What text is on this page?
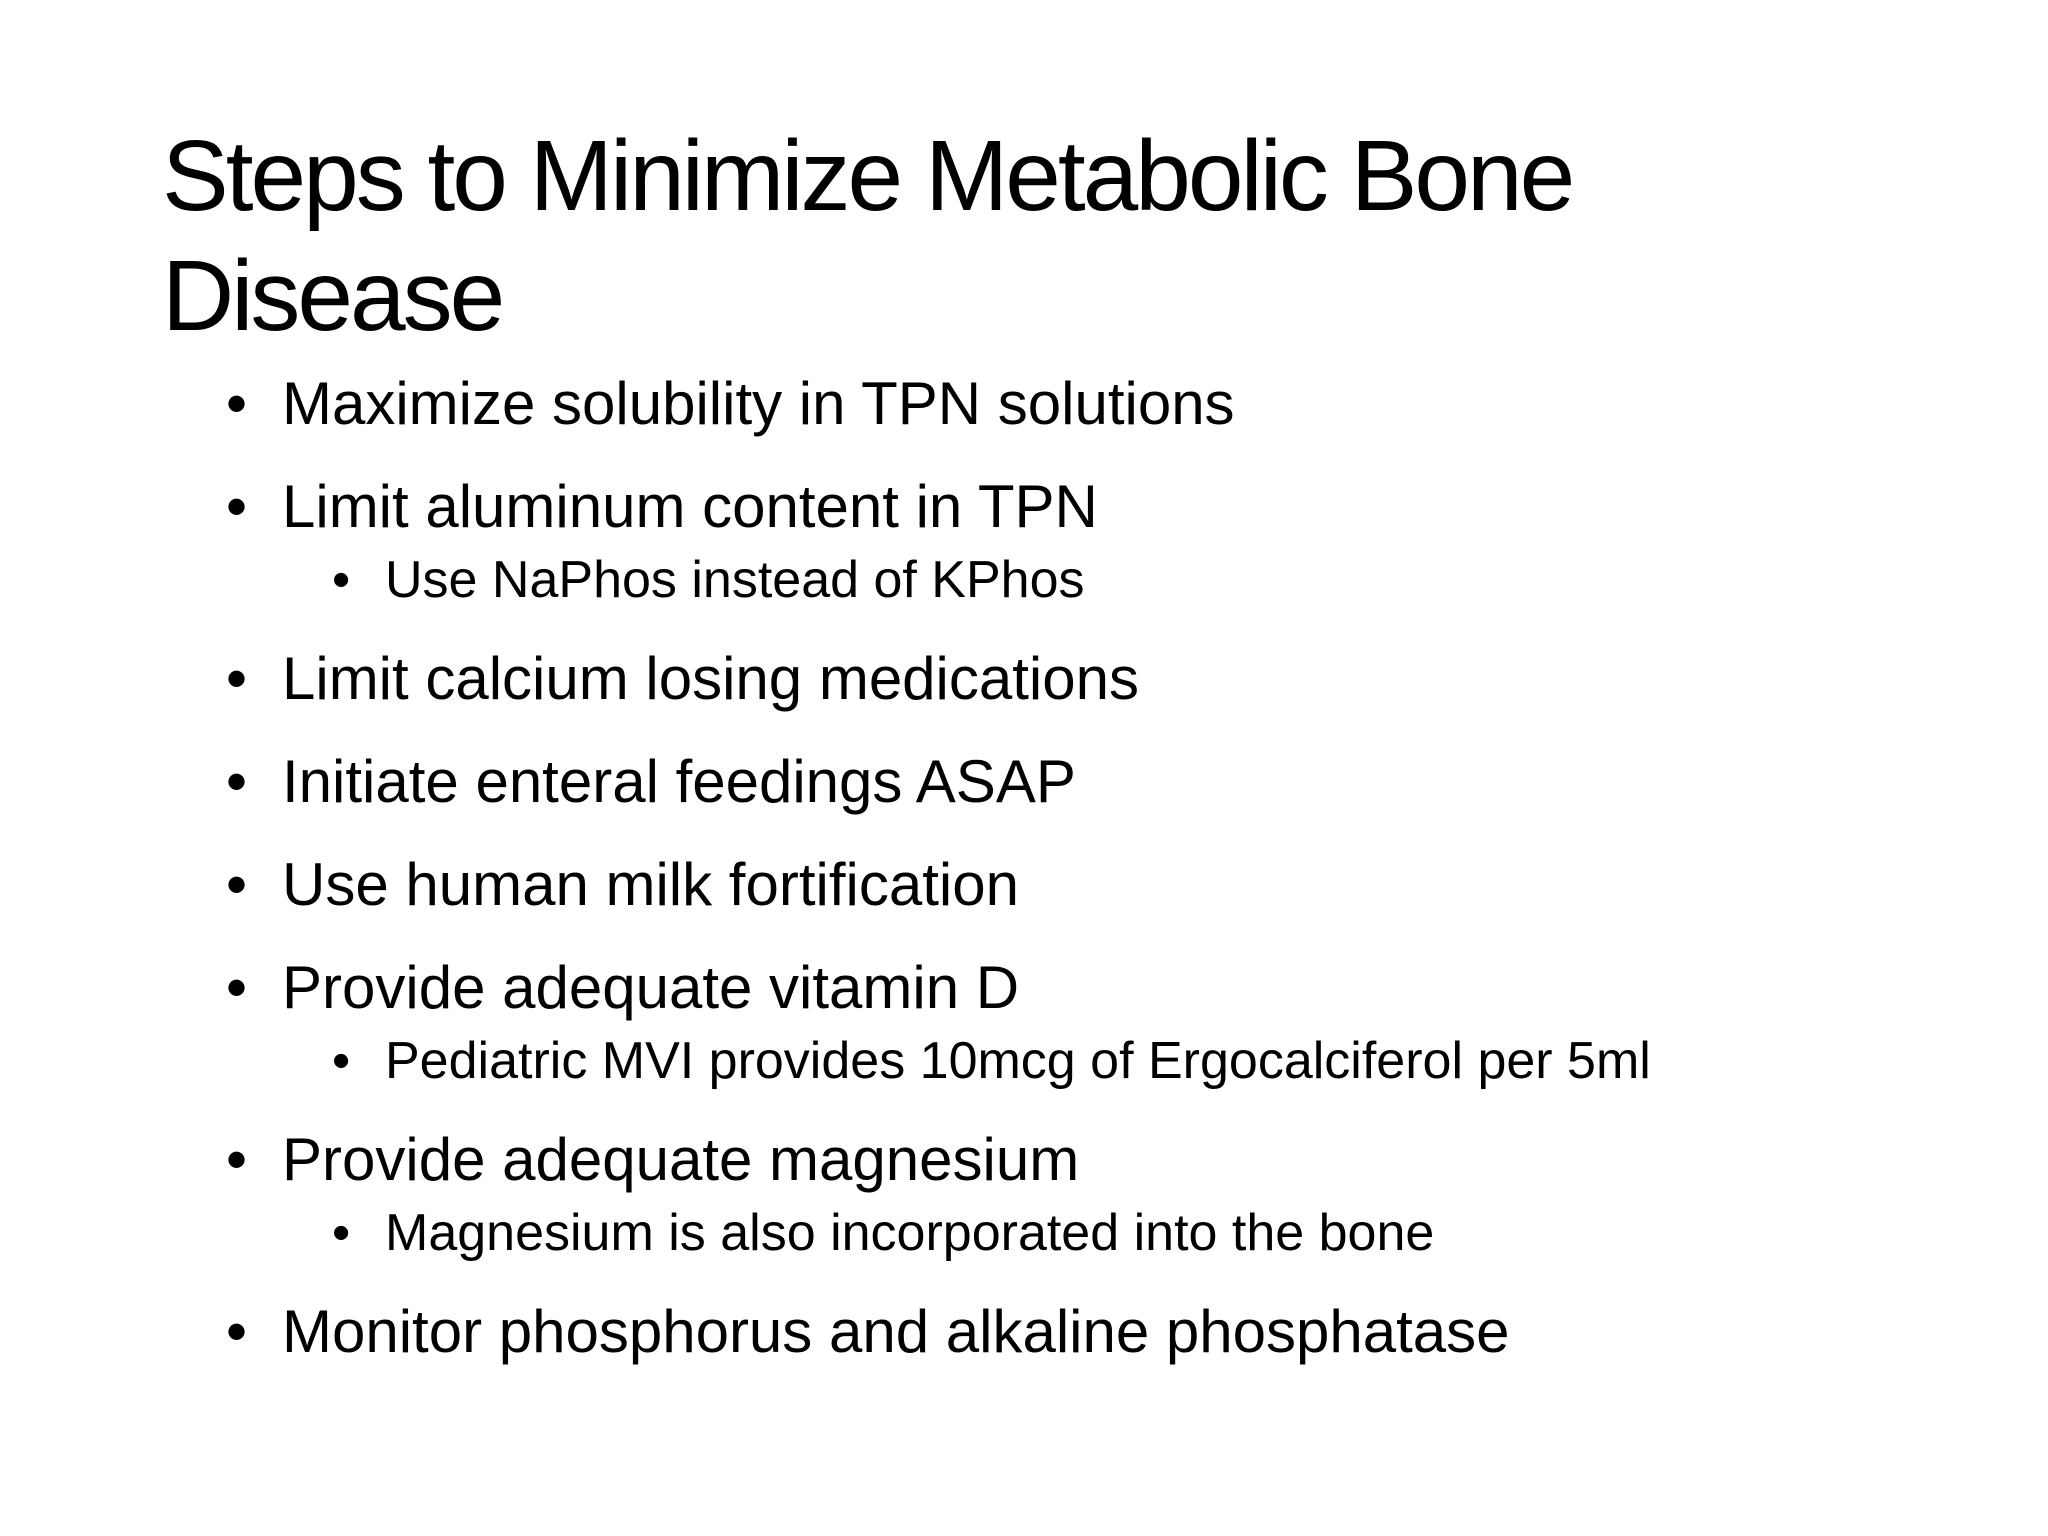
Steps to Minimize Metabolic Bone Disease
• Maximize solubility in TPN solutions
• Limit aluminum content in TPN
• Use NaPhos instead of KPhos
• Limit calcium losing medications
• Initiate enteral feedings ASAP
• Use human milk fortification
• Provide adequate vitamin D
• Pediatric MVI provides 10mcg of Ergocalciferol per 5ml
• Provide adequate magnesium
• Magnesium is also incorporated into the bone
• Monitor phosphorus and alkaline phosphatase
